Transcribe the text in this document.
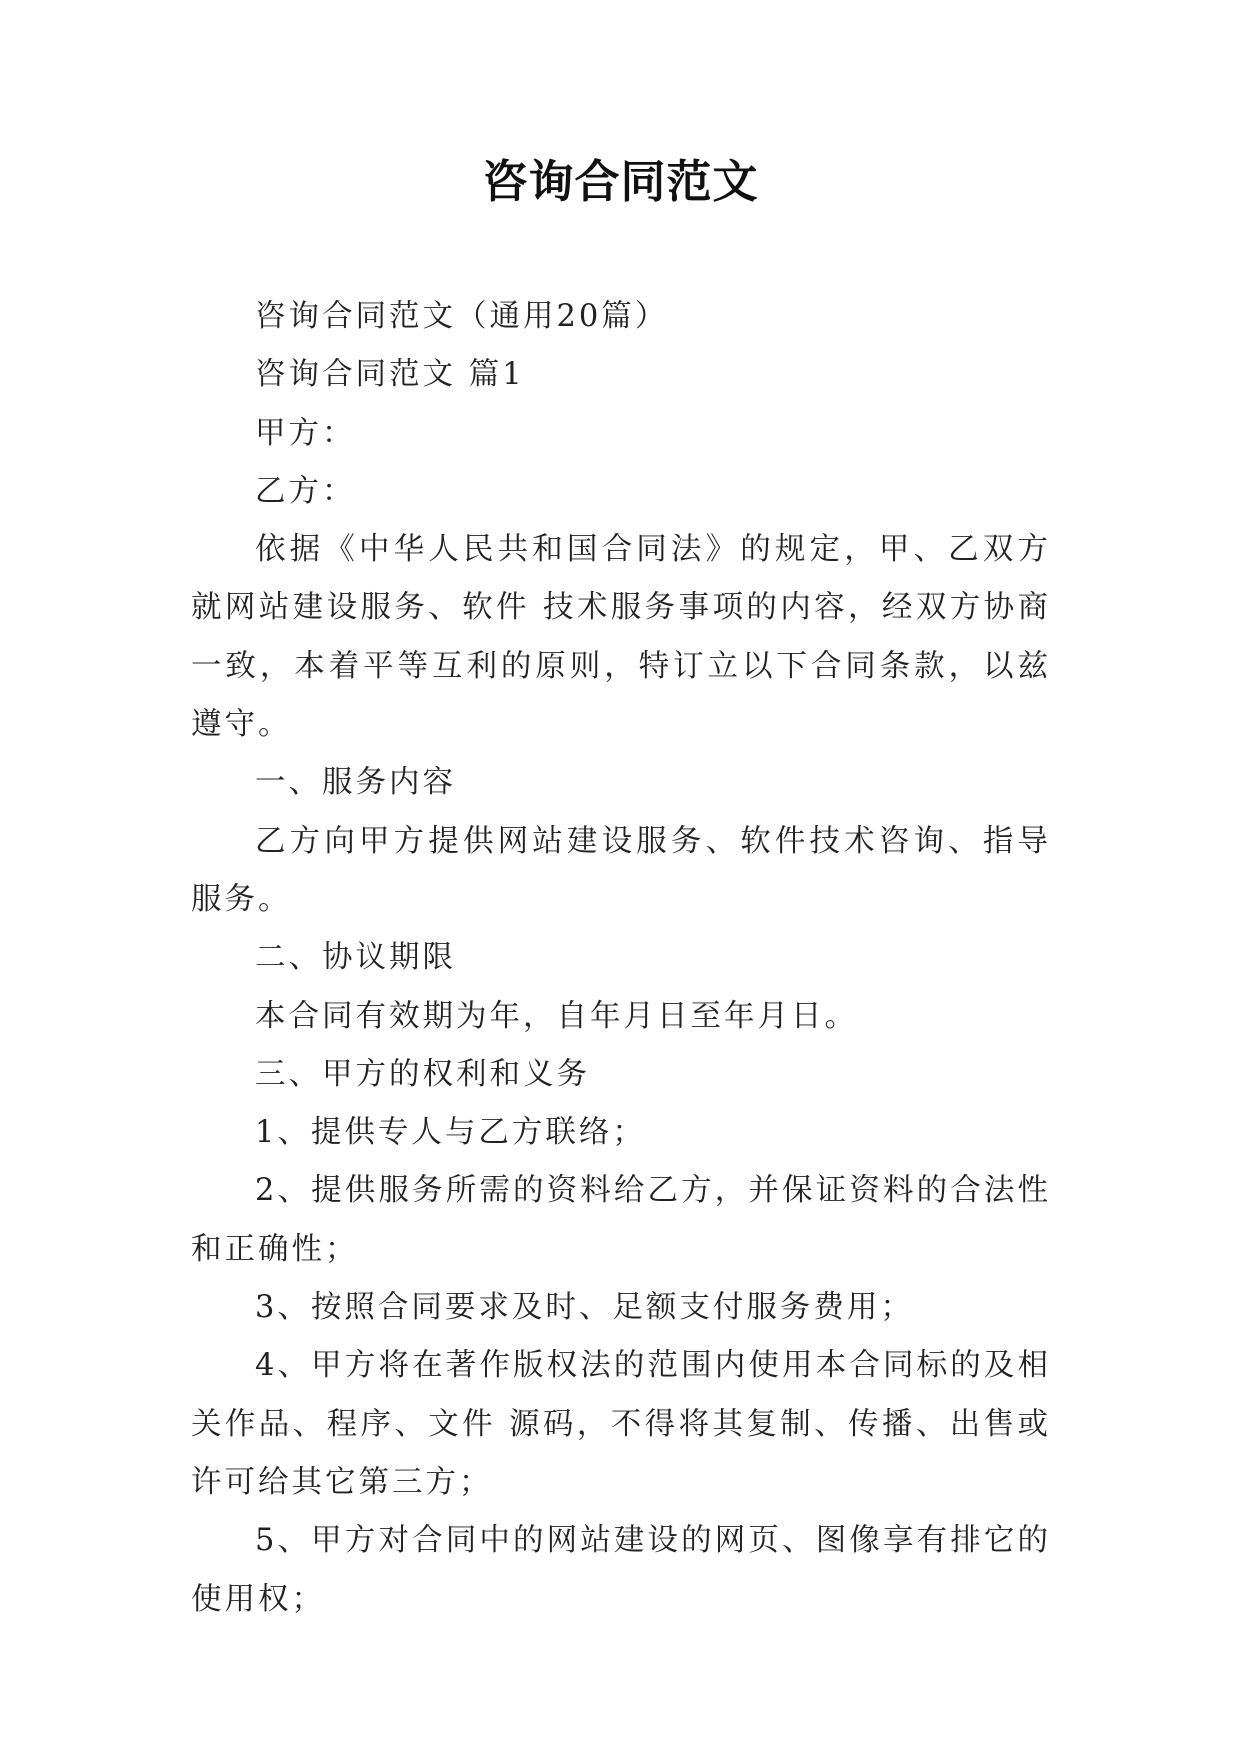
咨询合同范文

咨询合同范文（通用20篇）

咨询合同范文 篇1

甲方：

乙方：

依据《中华人民共和国合同法》的规定，甲、乙双方就网站建设服务、软件 技术服务事项的内容，经双方协商一致，本着平等互利的原则，特订立以下合同条款，以兹遵守。

一、服务内容

乙方向甲方提供网站建设服务、软件技术咨询、指导服务。

二、协议期限

本合同有效期为年，自年月日至年月日。

三、甲方的权利和义务

1、提供专人与乙方联络；

2、提供服务所需的资料给乙方，并保证资料的合法性和正确性；

3、按照合同要求及时、足额支付服务费用；

4、甲方将在著作版权法的范围内使用本合同标的及相关作品、程序、文件 源码，不得将其复制、传播、出售或许可给其它第三方；

5、甲方对合同中的网站建设的网页、图像享有排它的使用权；
